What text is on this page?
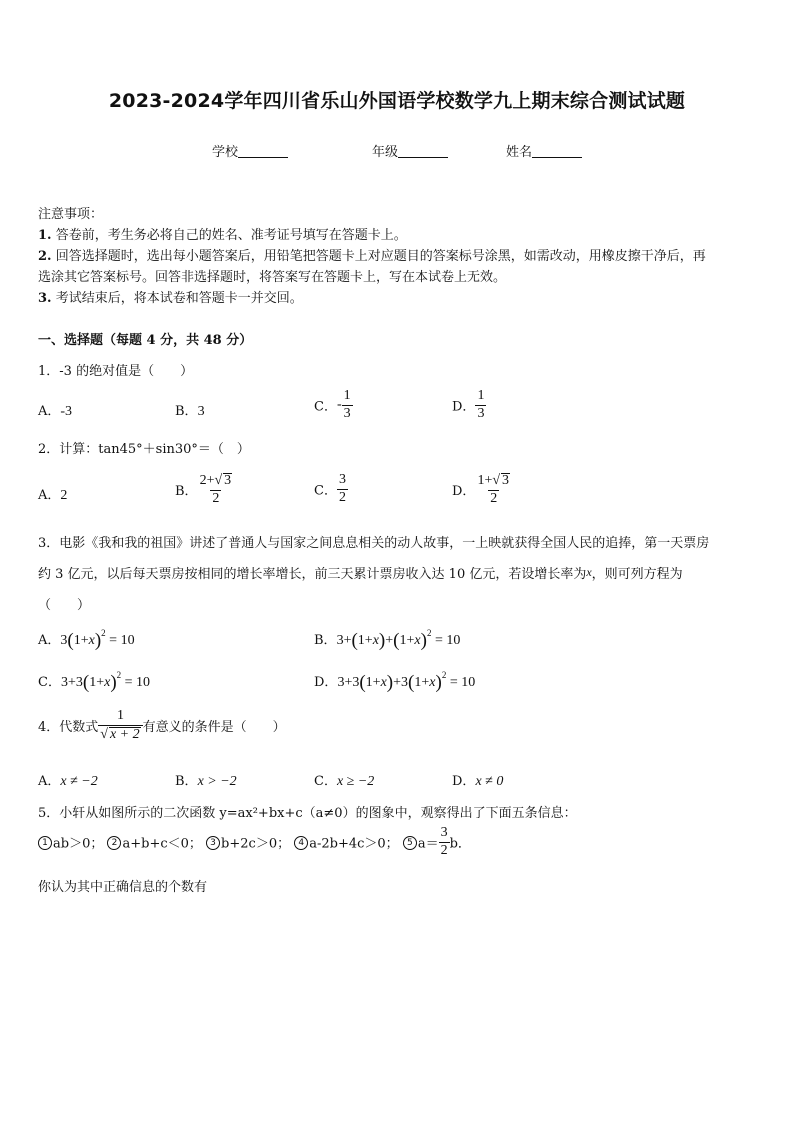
2023-2024学年四川省乐山外国语学校数学九上期末综合测试试题
学校	年级	姓名
注意事项：
1. 答卷前，考生务必将自己的姓名、准考证号填写在答题卡上。
2. 回答选择题时，选出每小题答案后，用铅笔把答题卡上对应题目的答案标号涂黑，如需改动，用橡皮擦干净后，再
选涂其它答案标号。回答非选择题时，将答案写在答题卡上，写在本试卷上无效。
3. 考试结束后，将本试卷和答题卡一并交回。
一、选择题（每题 4 分，共 48 分）
1．-3 的绝对值是（　　）
A．-3	B．3	C．- $\frac{1}{3}$	D． $\frac{1}{3}$
2．计算：tan45°＋sin30°＝（　）
A．2	B． $\frac{2+√ 3}{2}$	C． $\frac{3}{2}$	D． $\frac{1+√ 3}{2}$
3．电影《我和我的祖国》讲述了普通人与国家之间息息相关的动人故事，一上映就获得全国人民的追捧，第一天票房
约 3 亿元，以后每天票房按相同的增长率增长，前三天累计票房收入达 10 亿元，若设增长率为x，则可列方程为
（　　）
A．$3(1+x)^2 = 10$	B．$3+(1+x)+(1+x)^2 = 10$
C．$3+3(1+x)^2 = 10$	D．$3+3(1+x)+3(1+x)^2 = 10$
4．代数式 $\frac{1}{√ x + 2}$ 有意义的条件是（　　）
A．x ≠ −2	B．x > −2	C．x ≥ −2	D．x ≠ 0
5．小轩从如图所示的二次函数 y=ax²+bx+c（a≠0）的图象中，观察得出了下面五条信息：
1 ab＞0； 2 a+b+c＜0； 3 b+2c＞0； 4 a-2b+4c＞0； 5 $a= \frac{3}{2}$ b．
你认为其中正确信息的个数有
